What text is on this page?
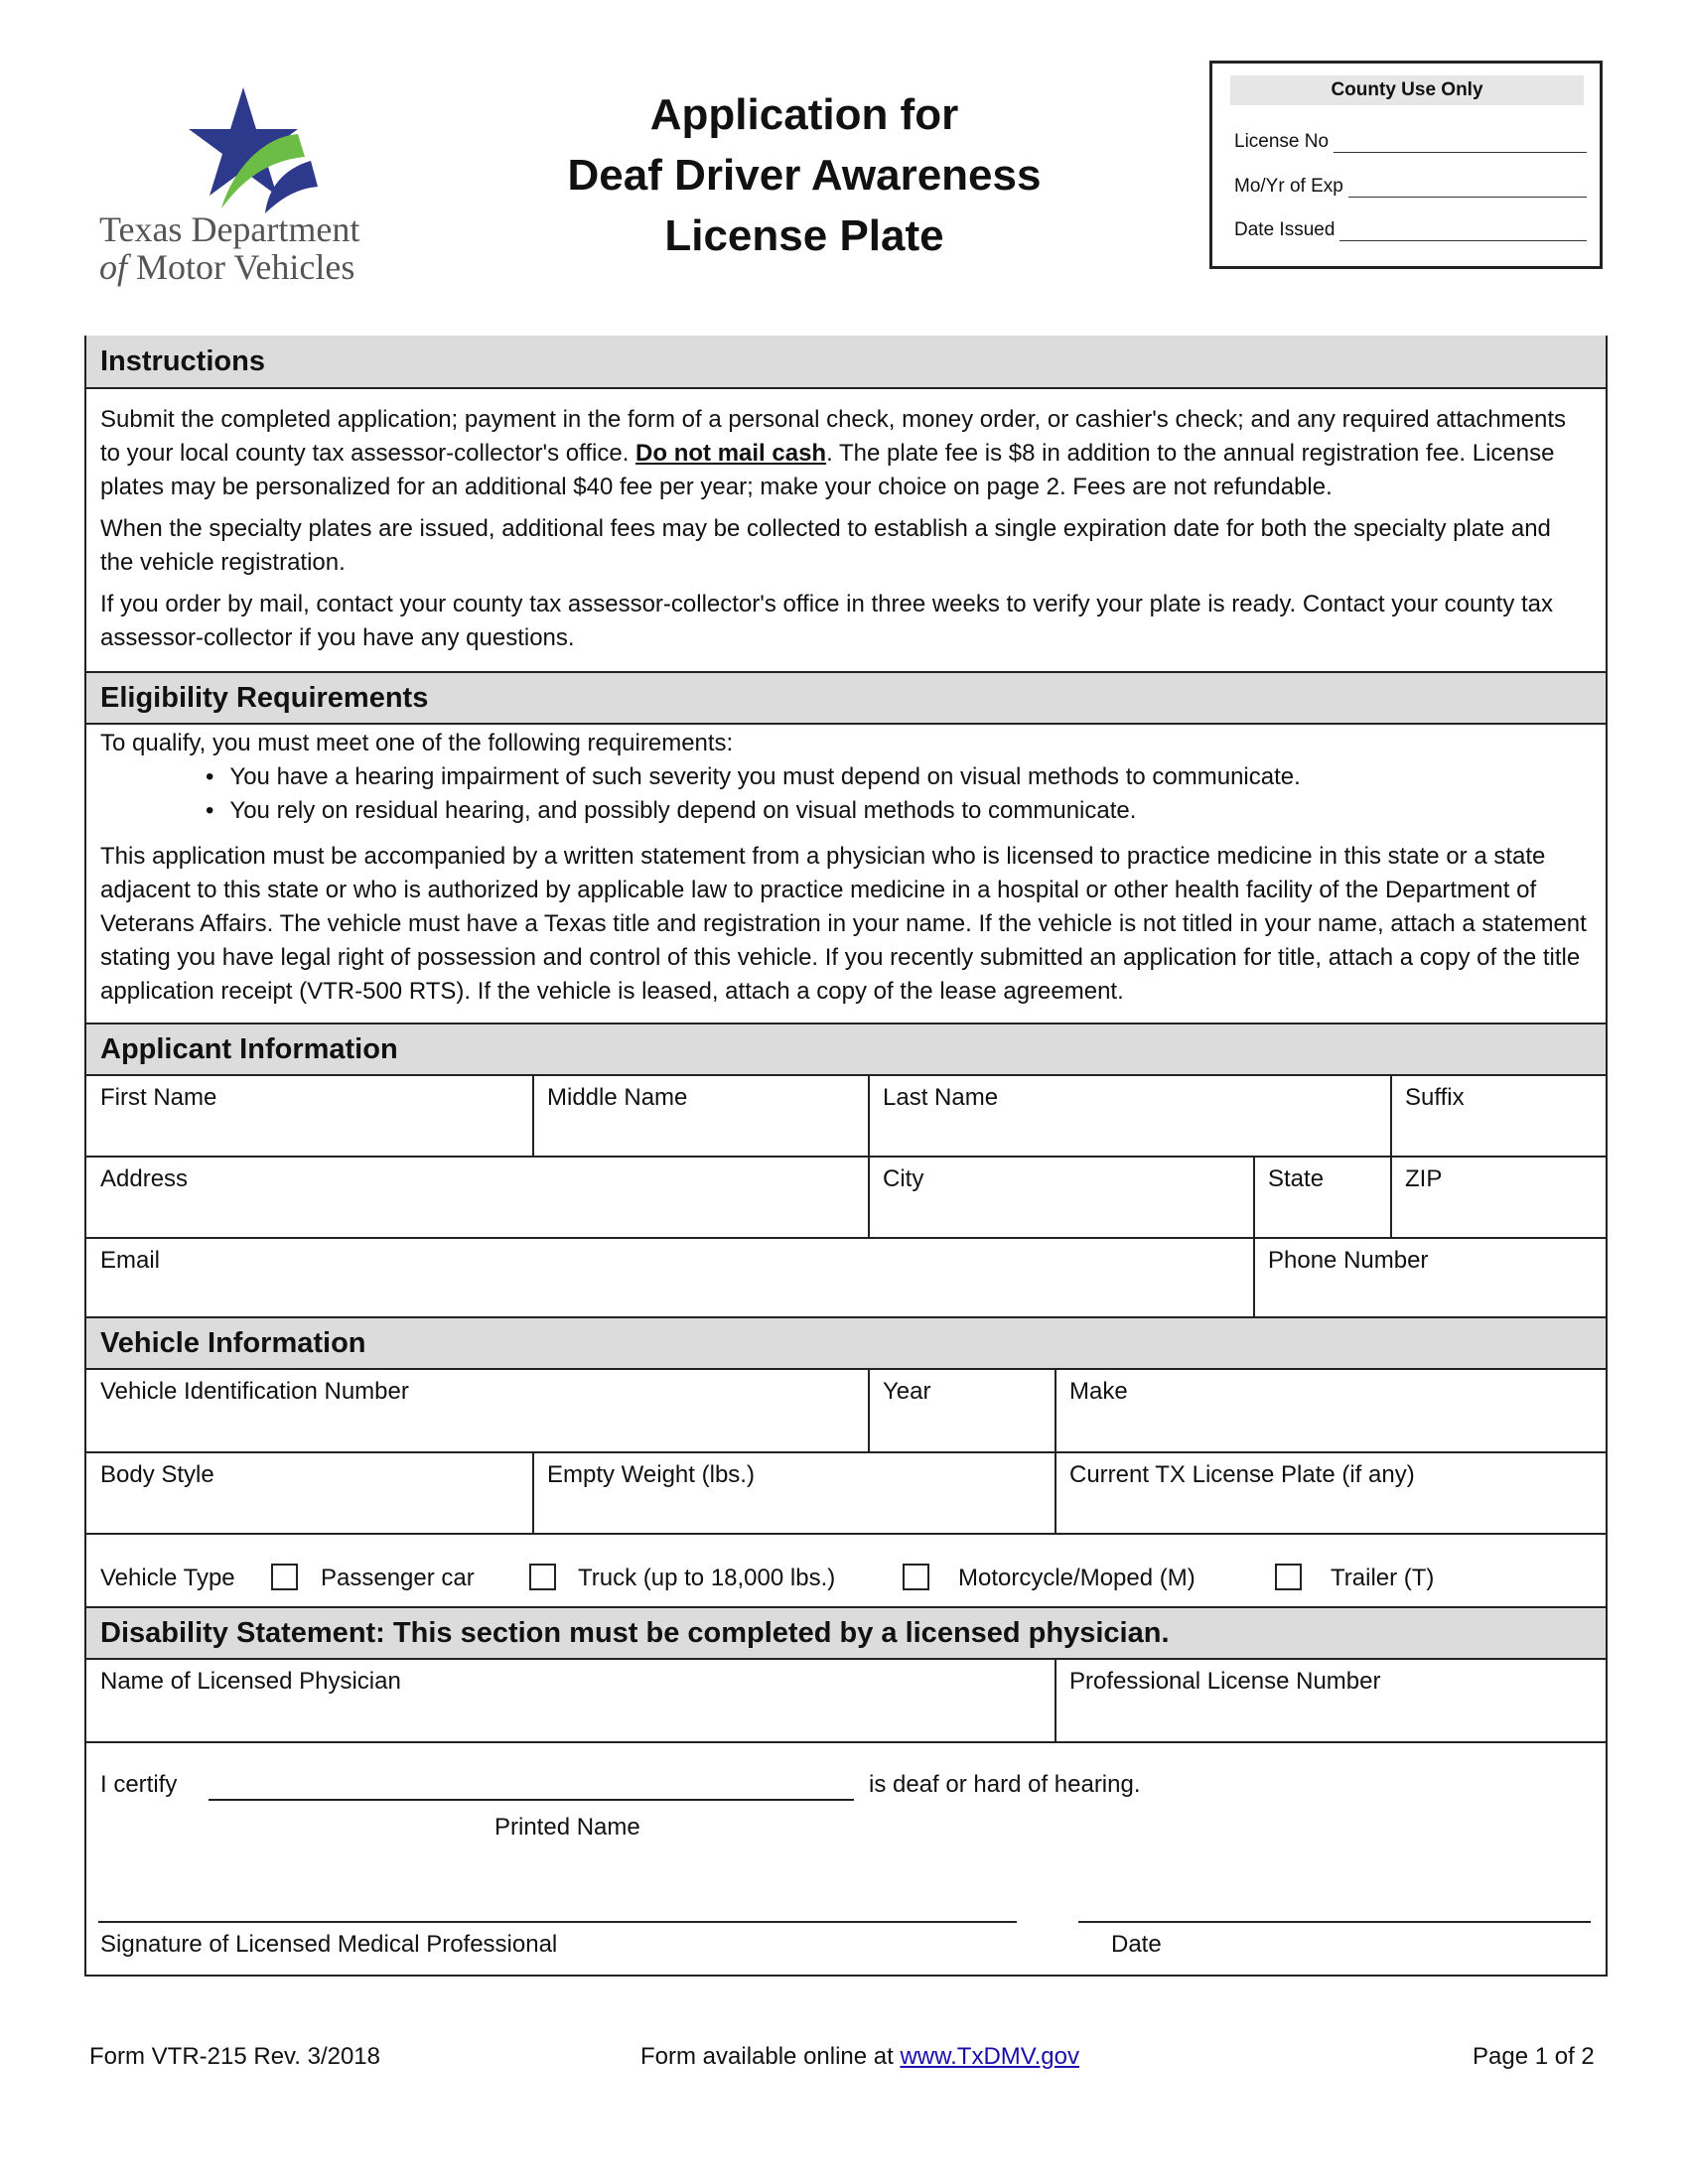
Texas Department
of Motor Vehicles
Application for
Deaf Driver Awareness
License Plate
County Use Only
License No
Mo/Yr of Exp
Date Issued
Instructions
Submit the completed application; payment in the form of a personal check, money order, or cashier's check; and any required attachments to your local county tax assessor-collector's office. Do not mail cash. The plate fee is $8 in addition to the annual registration fee. License plates may be personalized for an additional $40 fee per year; make your choice on page 2. Fees are not refundable.
When the specialty plates are issued, additional fees may be collected to establish a single expiration date for both the specialty plate and the vehicle registration.
If you order by mail, contact your county tax assessor-collector's office in three weeks to verify your plate is ready. Contact your county tax assessor-collector if you have any questions.
Eligibility Requirements
To qualify, you must meet one of the following requirements:
• You have a hearing impairment of such severity you must depend on visual methods to communicate.
• You rely on residual hearing, and possibly depend on visual methods to communicate.
This application must be accompanied by a written statement from a physician who is licensed to practice medicine in this state or a state adjacent to this state or who is authorized by applicable law to practice medicine in a hospital or other health facility of the Department of Veterans Affairs. The vehicle must have a Texas title and registration in your name. If the vehicle is not titled in your name, attach a statement stating you have legal right of possession and control of this vehicle. If you recently submitted an application for title, attach a copy of the title application receipt (VTR-500 RTS). If the vehicle is leased, attach a copy of the lease agreement.
Applicant Information
First Name	Middle Name	Last Name	Suffix
Address	City	State	ZIP
Email	Phone Number
Vehicle Information
Vehicle Identification Number	Year	Make
Body Style	Empty Weight (lbs.)	Current TX License Plate (if any)
Vehicle Type	Passenger car	Truck (up to 18,000 lbs.)	Motorcycle/Moped (M)	Trailer (T)
Disability Statement: This section must be completed by a licensed physician.
Name of Licensed Physician	Professional License Number
I certify	is deaf or hard of hearing.
Printed Name
Signature of Licensed Medical Professional	Date
Form VTR-215 Rev. 3/2018	Form available online at www.TxDMV.gov	Page 1 of 2
